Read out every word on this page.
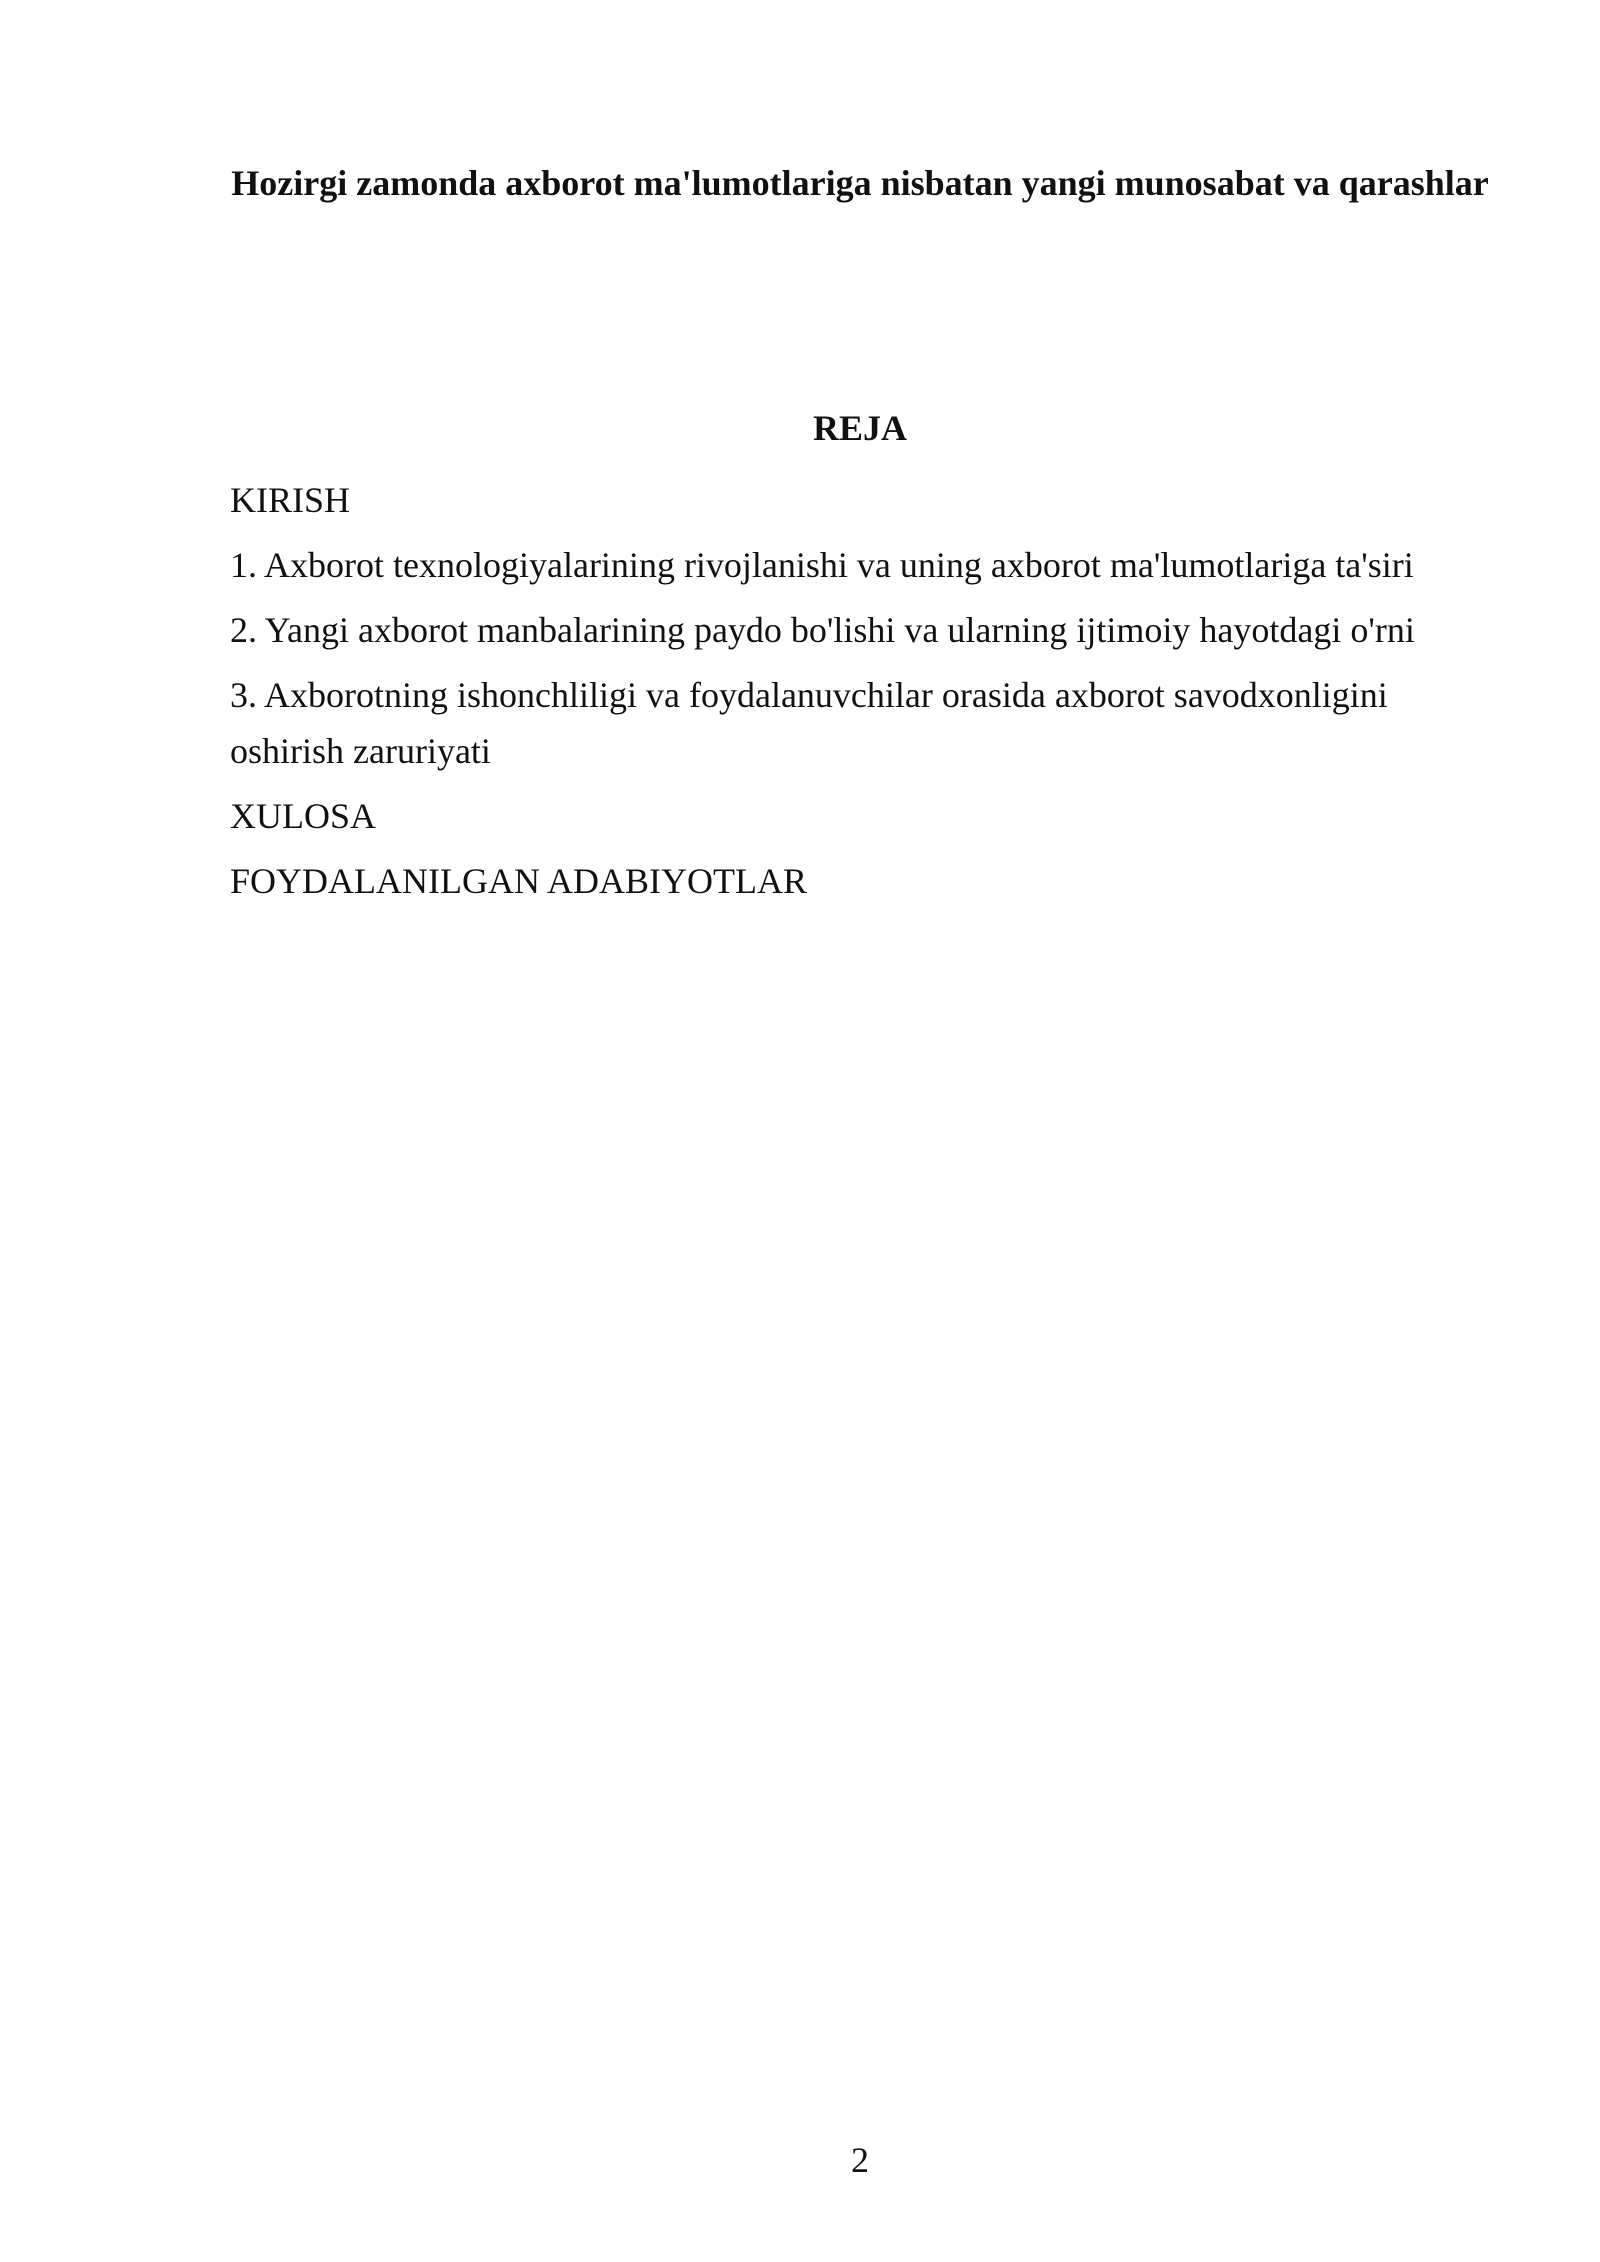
Hozirgi zamonda axborot ma'lumotlariga nisbatan yangi munosabat va qarashlar
REJA
KIRISH
1. Axborot texnologiyalarining rivojlanishi va uning axborot ma'lumotlariga ta'siri
2. Yangi axborot manbalarining paydo bo'lishi va ularning ijtimoiy hayotdagi o'rni
3. Axborotning ishonchliligi va foydalanuvchilar orasida axborot savodxonligini oshirish zaruriyati
XULOSA
FOYDALANILGAN ADABIYOTLAR
2
